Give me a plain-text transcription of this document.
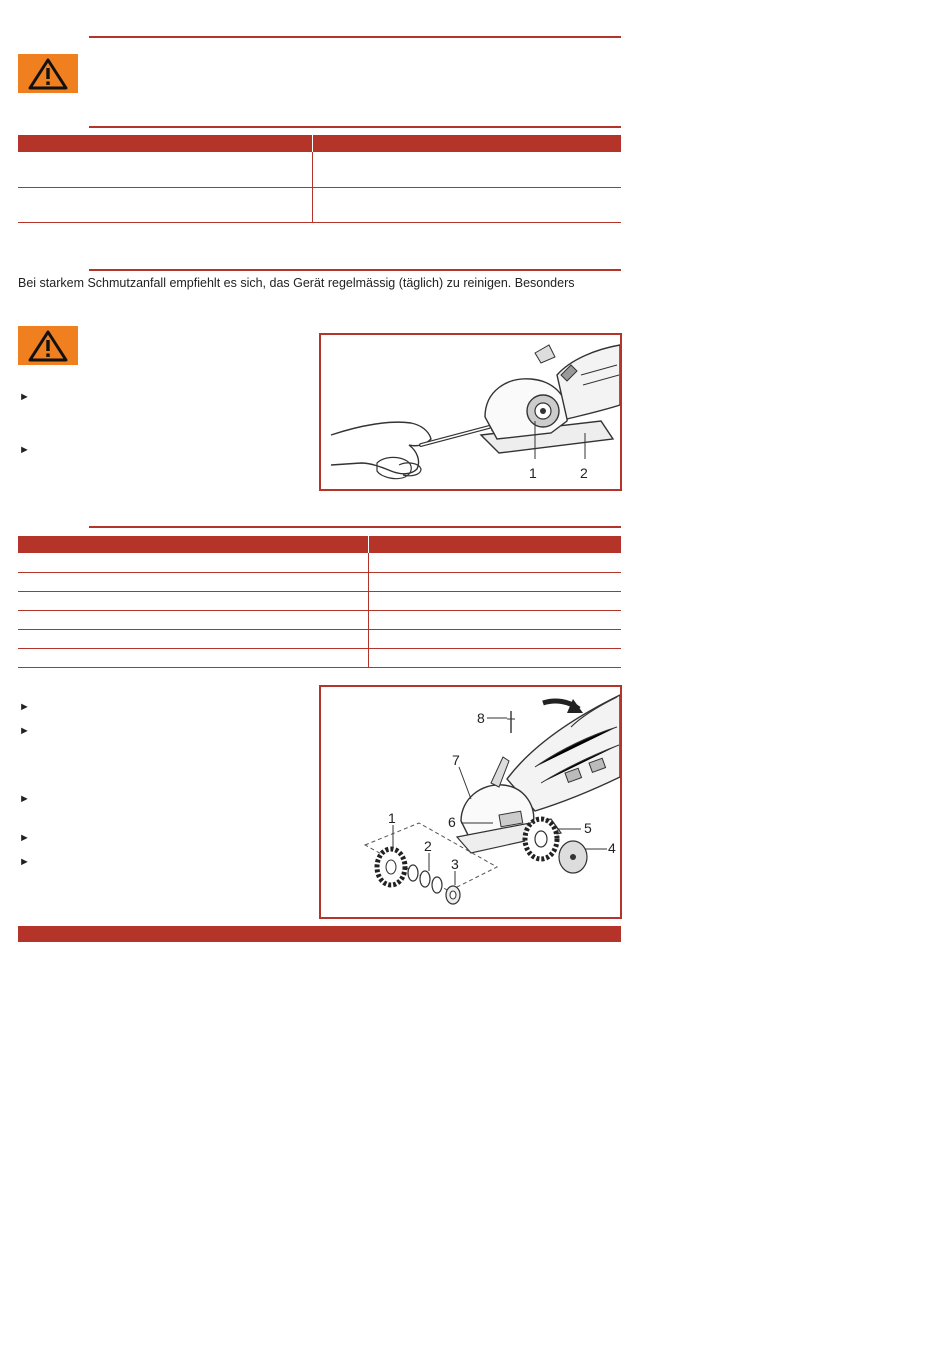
Bei starkem Schmutzanfall empfiehlt es sich, das Gerät regelmässig (täglich) zu reinigen. Besonders
►
►
1	2

►
►
►
►
►
1
2
3
4
5
6
7
8
